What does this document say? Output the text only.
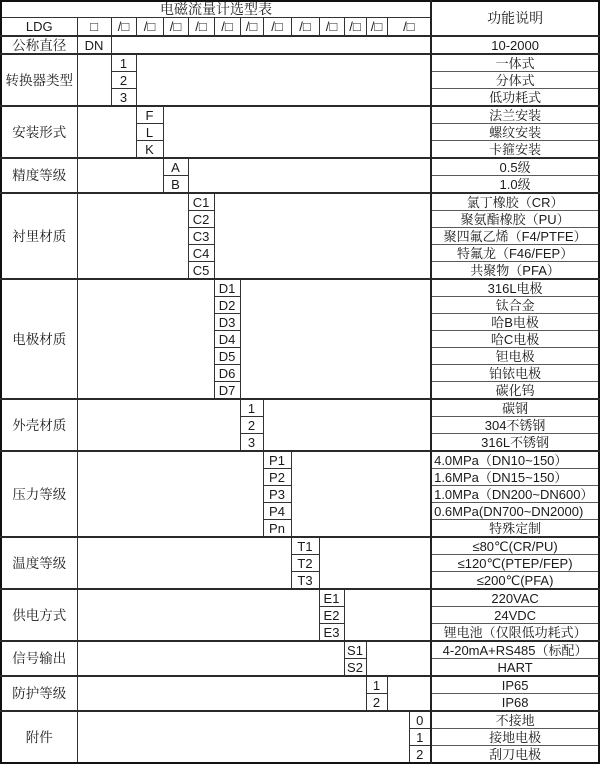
电磁流量计选型表															功能说明
LDG	□	/□	/□	/□	/□	/□	/□	/□	/□	/□	/□	/□	/□		
公称直径	DN														10-2000
转换器类型		1													一体式
		2													分体式
		3													低功耗式
安装形式			F												法兰安装
			L												螺纹安装
			K												卡箍安装
精度等级				A											0.5级
				B											1.0级
衬里材质					C1										氯丁橡胶（CR）
					C2										聚氨酯橡胶（PU）
					C3										聚四氟乙烯（F4/PTFE）
					C4										特氟龙（F46/FEP）
					C5										共聚物（PFA）
电极材质						D1									316L电极
						D2									钛合金
						D3									哈B电极
						D4									哈C电极
						D5									钽电极
						D6									铂铱电极
						D7									碳化钨
外壳材质							1								碳钢
							2								304不锈钢
							3								316L不锈钢
压力等级								P1							4.0MPa（DN10~150）
								P2							1.6MPa（DN15~150）
								P3							1.0MPa（DN200~DN600）
								P4							0.6MPa(DN700~DN2000)
								Pn							特殊定制
温度等级									T1						≤80℃(CR/PU)
									T2						≤120℃(PTEP/FEP)
									T3						≤200℃(PFA)
供电方式										E1					220VAC
										E2					24VDC
										E3					锂电池（仅限低功耗式）
信号输出											S1				4-20mA+RS485（标配）
											S2				HART
防护等级												1			IP65
												2			IP68
附件														0	不接地
														1	接地电极
														2	刮刀电极
